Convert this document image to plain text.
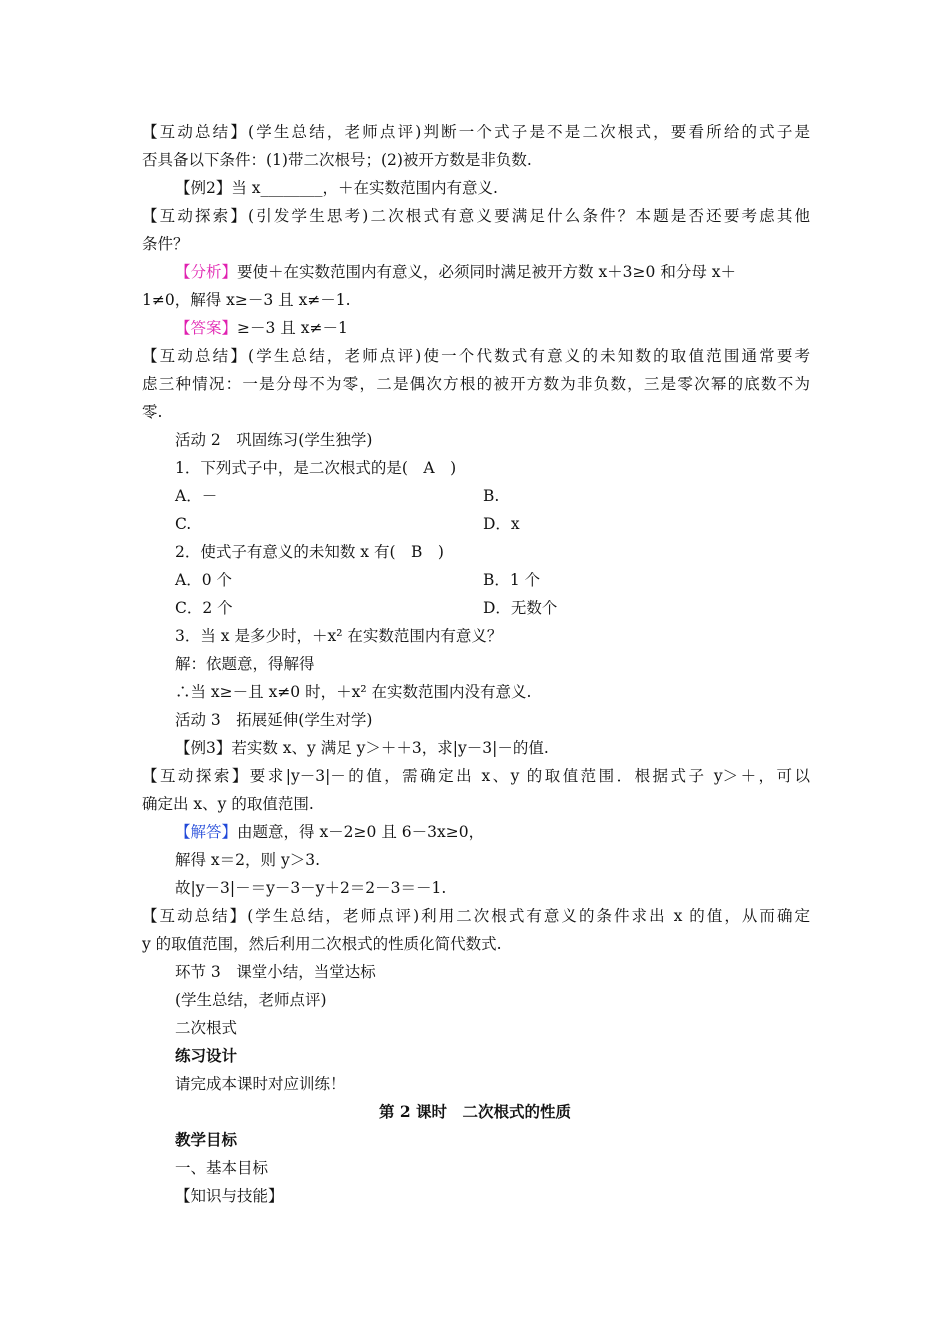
【互动总结】(学生总结，老师点评)判断一个式子是不是二次根式，要看所给的式子是
否具备以下条件：(1)带二次根号；(2)被开方数是非负数.
【例2】当 x________，＋在实数范围内有意义.
【互动探索】(引发学生思考)二次根式有意义要满足什么条件？本题是否还要考虑其他
条件？
【分析】要使＋在实数范围内有意义，必须同时满足被开方数 x＋3≥0 和分母 x＋
1≠0，解得 x≥－3 且 x≠－1.
【答案】≥－3 且 x≠－1
【互动总结】(学生总结，老师点评)使一个代数式有意义的未知数的取值范围通常要考
虑三种情况：一是分母不为零，二是偶次方根的被开方数为非负数，三是零次幂的底数不为
零.
活动 2　巩固练习(学生独学)
1．下列式子中，是二次根式的是(　A　)
A．－	B.
C.	D．x
2．使式子有意义的未知数 x 有(　B　)
A．0 个	B．1 个
C．2 个	D．无数个
3．当 x 是多少时，＋x² 在实数范围内有意义？
解：依题意，得解得
∴当 x≥－且 x≠0 时，＋x² 在实数范围内没有意义.
活动 3　拓展延伸(学生对学)
【例3】若实数 x、y 满足 y＞＋＋3，求|y－3|－的值.
【互动探索】要求|y－3|－的值，需确定出 x、y 的取值范围．根据式子 y＞＋，可以
确定出 x、y 的取值范围.
【解答】由题意，得 x－2≥0 且 6－3x≥0，
解得 x＝2，则 y＞3.
故|y－3|－＝y－3－y＋2＝2－3＝－1.
【互动总结】(学生总结，老师点评)利用二次根式有意义的条件求出 x 的值，从而确定
y 的取值范围，然后利用二次根式的性质化简代数式.
环节 3　课堂小结，当堂达标
(学生总结，老师点评)
二次根式
练习设计
请完成本课时对应训练！
第 2 课时　二次根式的性质
教学目标
一、基本目标
【知识与技能】
